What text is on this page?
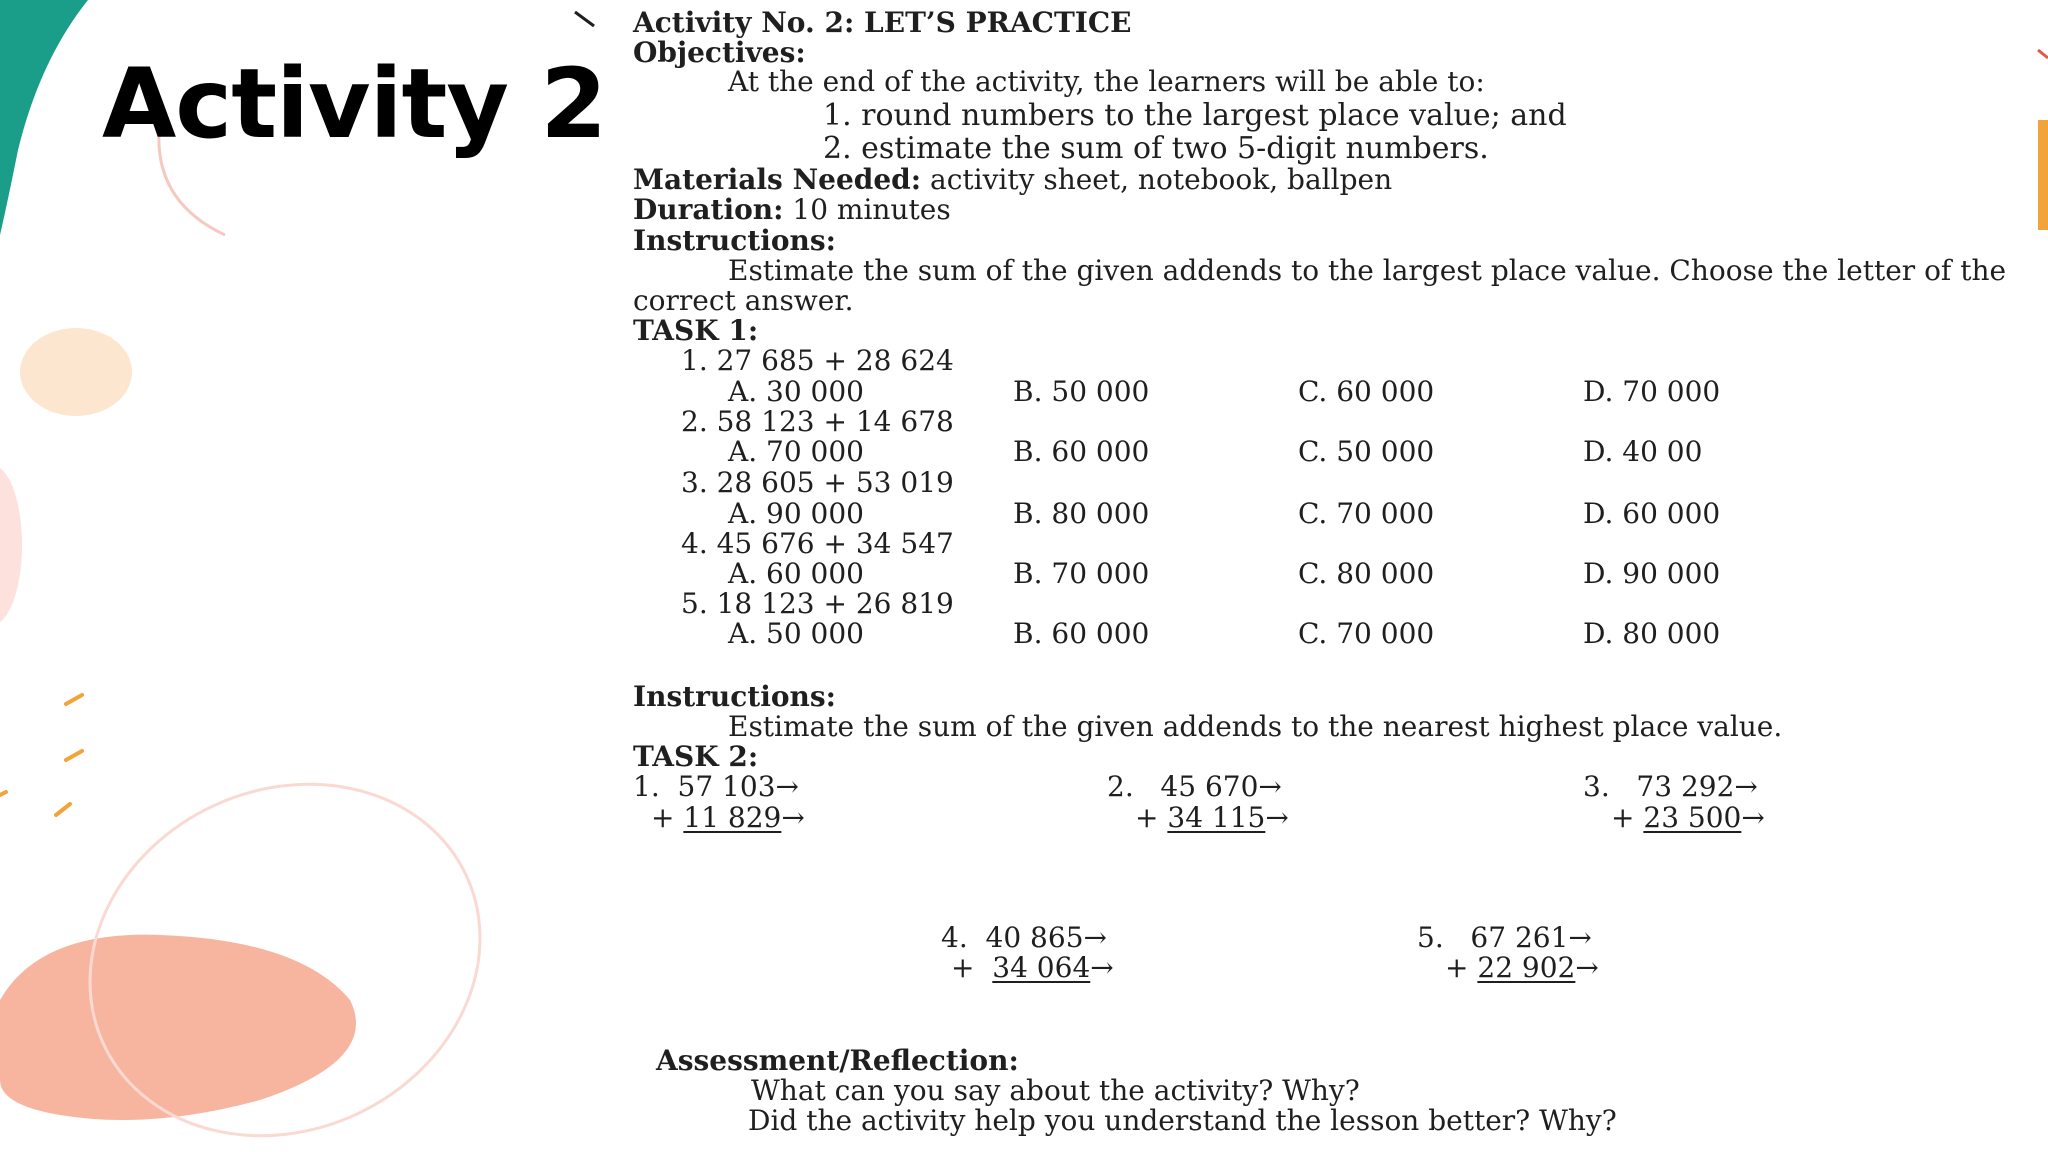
Activity 2
Activity No. 2: LET’S PRACTICE
Objectives:
At the end of the activity, the learners will be able to:
1. round numbers to the largest place value; and
2. estimate the sum of two 5-digit numbers.
Materials Needed: activity sheet, notebook, ballpen
Duration: 10 minutes
Instructions:
Estimate the sum of the given addends to the largest place value. Choose the letter of the
correct answer.
TASK 1:
1. 27 685 + 28 624
A. 30 000	B. 50 000	C. 60 000	D. 70 000
2. 58 123 + 14 678
A. 70 000	B. 60 000	C. 50 000	D. 40 00
3. 28 605 + 53 019
A. 90 000	B. 80 000	C. 70 000	D. 60 000
4. 45 676 + 34 547
A. 60 000	B. 70 000	C. 80 000	D. 90 000
5. 18 123 + 26 819
A. 50 000	B. 60 000	C. 70 000	D. 80 000
Instructions:
Estimate the sum of the given addends to the nearest highest place value.
TASK 2:
1. 57 103→
+ 11 829→
2. 45 670→
+ 34 115→
3. 73 292→
+ 23 500→
4. 40 865→
+ 34 064→
5. 67 261→
+ 22 902→
Assessment/Reflection:
What can you say about the activity? Why?
Did the activity help you understand the lesson better? Why?
